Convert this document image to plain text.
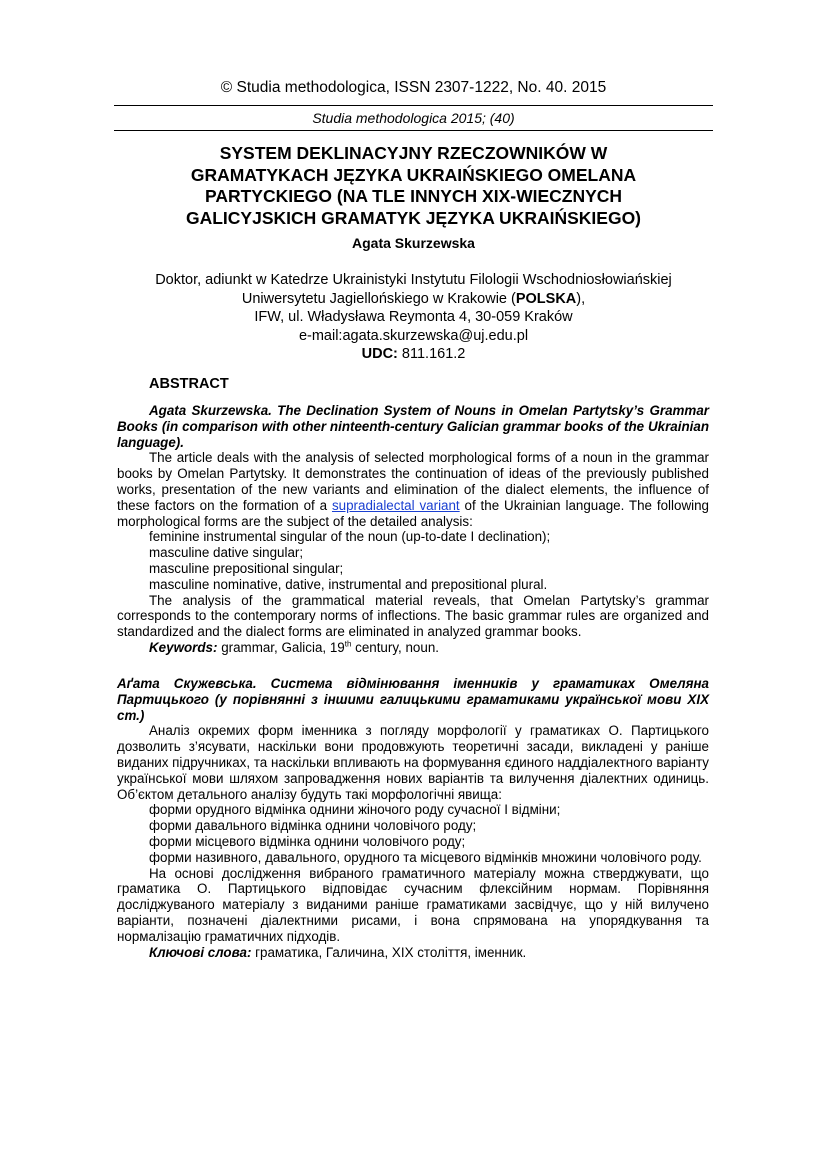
© Studia methodologica, ISSN 2307-1222, No. 40. 2015
Studia methodologica 2015; (40)
SYSTEM DEKLINACYJNY RZECZOWNIKÓW W
GRAMATYKACH JĘZYKA UKRAIŃSKIEGO OMELANA
PARTYCKIEGO (NA TLE INNYCH XIX-WIECZNYCH
GALICYJSKICH GRAMATYK JĘZYKA UKRAIŃSKIEGO)
Agata Skurzewska
Doktor, adiunkt w Katedrze Ukrainistyki Instytutu Filologii Wschodniosłowiańskiej
Uniwersytetu Jagiellońskiego w Krakowie (POLSKA),
IFW, ul. Władysława Reymonta 4, 30-059 Kraków
e-mail:agata.skurzewska@uj.edu.pl
UDC: 811.161.2
ABSTRACT

Agata Skurzewska. The Declination System of Nouns in Omelan Partytsky’s Grammar Books (in comparison with other ninteenth-century Galician grammar books of the Ukrainian language).

The article deals with the analysis of selected morphological forms of a noun in the grammar books by Omelan Partytsky. It demonstrates the continuation of ideas of the previously published works, presentation of the new variants and elimination of the dialect elements, the influence of these factors on the formation of a supradialectal variant of the Ukrainian language. The following morphological forms are the subject of the detailed analysis:

feminine instrumental singular of the noun (up-to-date I declination);

masculine dative singular;

masculine prepositional singular;

masculine nominative, dative, instrumental and prepositional plural.

The analysis of the grammatical material reveals, that Omelan Partytsky’s grammar corresponds to the contemporary norms of inflections. The basic grammar rules are organized and standardized and the dialect forms are eliminated in analyzed grammar books.

Keywords: grammar, Galicia, 19th century, noun.

Аґата Скужевська. Система відмінювання іменників у граматиках Омеляна Партицького (у порівнянні з іншими галицькими граматиками української мови ХІХ ст.)

Аналіз окремих форм іменника з погляду морфології у граматиках О. Партицького дозволить з’ясувати, наскільки вони продовжують теоретичні засади, викладені у раніше виданих підручниках, та наскільки впливають на формування єдиного наддіалектного варіанту української мови шляхом запровадження нових варіантів та вилучення діалектних одиниць. Об’єктом детального аналізу будуть такі морфологічні явища:

форми орудного відмінка однини жіночого роду сучасної І відміни;

форми давального відмінка однини чоловічого роду;

форми місцевого відмінка однини чоловічого роду;

форми називного, давального, орудного та місцевого відмінків множини чоловічого роду.

На основі дослідження вибраного граматичного матеріалу можна стверджувати, що граматика О. Партицького відповідає сучасним флексійним нормам. Порівняння досліджуваного матеріалу з виданими раніше граматиками засвідчує, що у ній вилучено варіанти, позначені діалектними рисами, і вона спрямована на упорядкування та нормалізацію граматичних підходів.

Ключові слова: граматика, Галичина, ХІХ століття, іменник.
